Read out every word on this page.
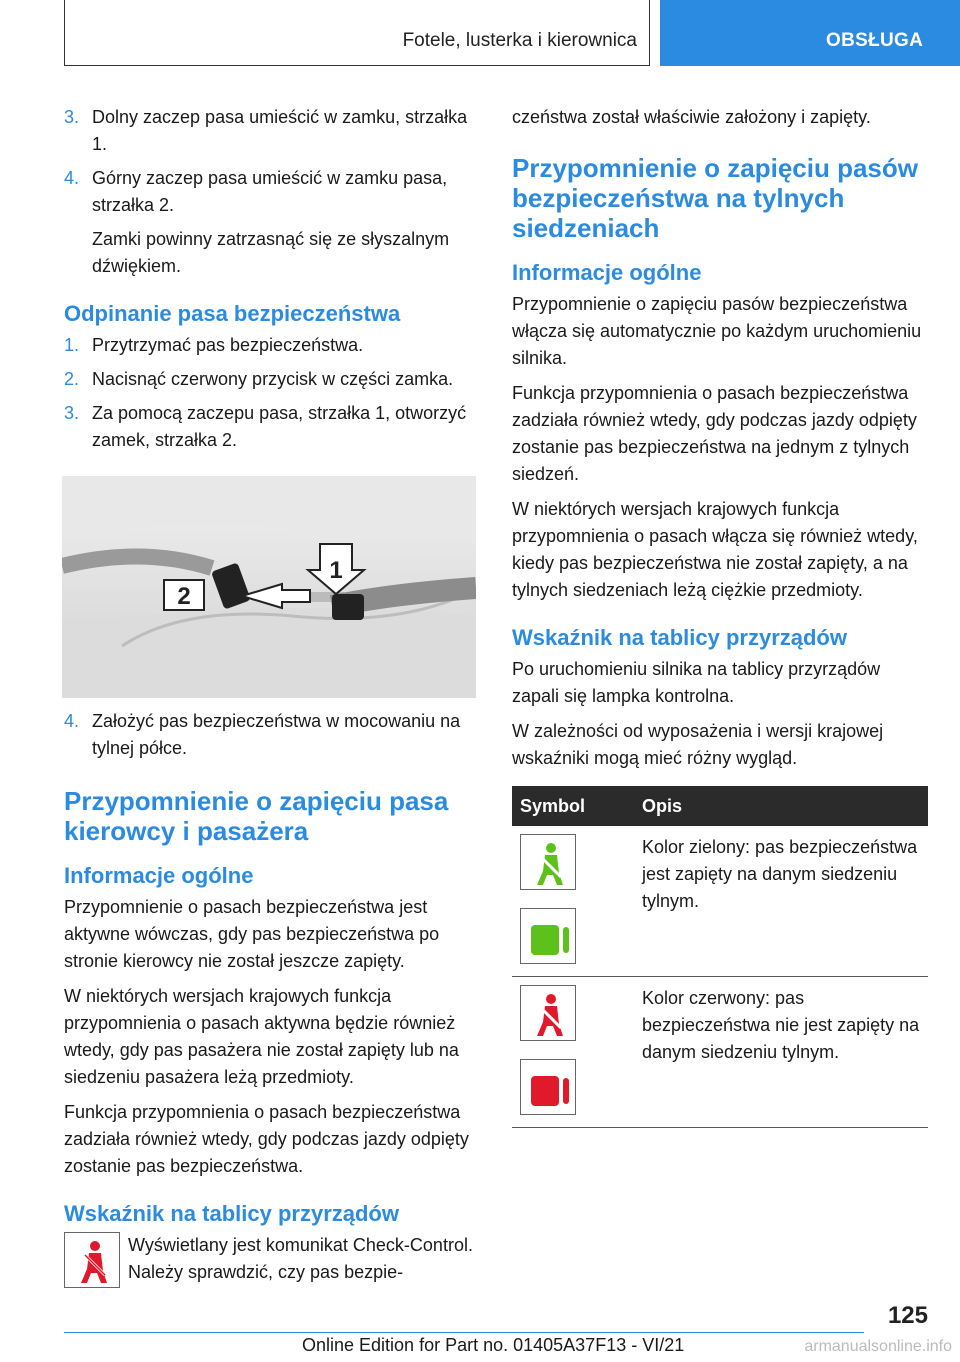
Fotele, lusterka i kierownica	OBSŁUGA
3. Dolny zaczep pasa umieścić w zamku, strzałka 1.
4. Górny zaczep pasa umieścić w zamku pasa, strzałka 2.
Zamki powinny zatrzasnąć się ze słyszalnym dźwiękiem.
Odpinanie pasa bezpieczeństwa
1. Przytrzymać pas bezpieczeństwa.
2. Nacisnąć czerwony przycisk w części zamka.
3. Za pomocą zaczepu pasa, strzałka 1, otworzyć zamek, strzałka 2.
2
1
4. Założyć pas bezpieczeństwa w mocowaniu na tylnej półce.
Przypomnienie o zapięciu pasa kierowcy i pasażera
Informacje ogólne

Przypomnienie o pasach bezpieczeństwa jest aktywne wówczas, gdy pas bezpieczeństwa po stronie kierowcy nie został jeszcze zapięty.

W niektórych wersjach krajowych funkcja przypomnienia o pasach aktywna będzie również wtedy, gdy pas pasażera nie został zapięty lub na siedzeniu pasażera leżą przedmioty.

Funkcja przypomnienia o pasach bezpieczeństwa zadziała również wtedy, gdy podczas jazdy odpięty zostanie pas bezpieczeństwa.

Wskaźnik na tablicy przyrządów
Wyświetlany jest komunikat Check-Control. Należy sprawdzić, czy pas bezpie-

czeństwa został właściwie założony i zapięty.

Przypomnienie o zapięciu pasów bezpieczeństwa na tylnych siedzeniach
Informacje ogólne

Przypomnienie o zapięciu pasów bezpieczeństwa włącza się automatycznie po każdym uruchomieniu silnika.

Funkcja przypomnienia o pasach bezpieczeństwa zadziała również wtedy, gdy podczas jazdy odpięty zostanie pas bezpieczeństwa na jednym z tylnych siedzeń.

W niektórych wersjach krajowych funkcja przypomnienia o pasach włącza się również wtedy, kiedy pas bezpieczeństwa nie został zapięty, a na tylnych siedzeniach leżą ciężkie przedmioty.

Wskaźnik na tablicy przyrządów

Po uruchomieniu silnika na tablicy przyrządów zapali się lampka kontrolna.

W zależności od wyposażenia i wersji krajowej wskaźniki mogą mieć różny wygląd.

Symbol	Opis

	Kolor zielony: pas bezpieczeństwa jest zapięty na danym siedzeniu tylnym.

	Kolor czerwony: pas bezpieczeństwa nie jest zapięty na danym siedzeniu tylnym.
125
Online Edition for Part no. 01405A37F13 - VI/21	armanualsonline.info
